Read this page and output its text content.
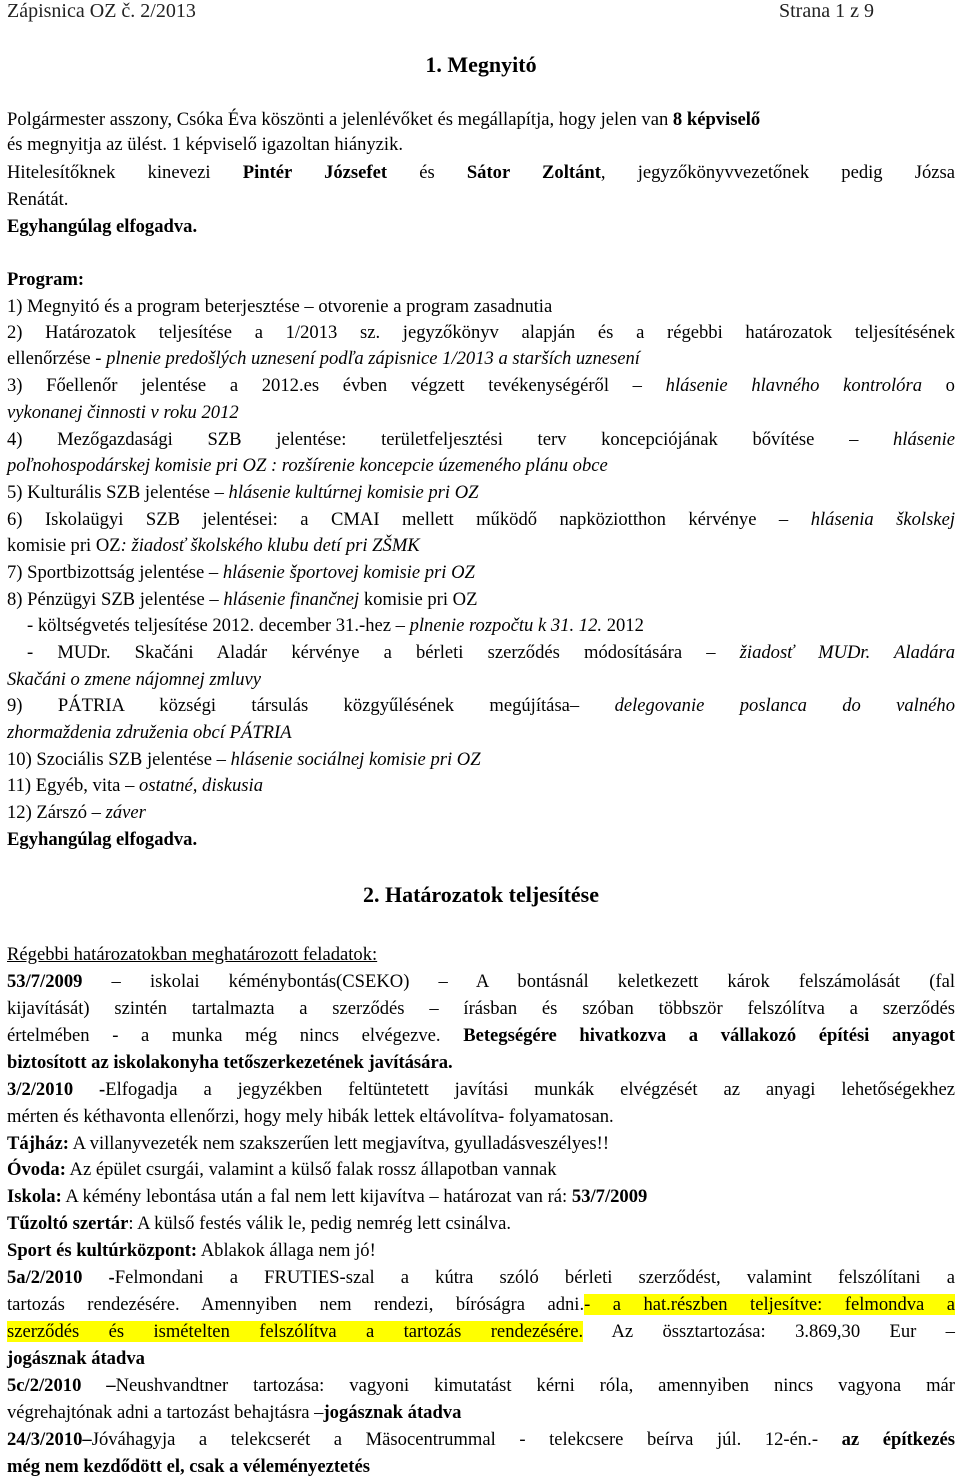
Zápisnica OZ č. 2/2013	Strana 1 z 9
1. Megnyitó
Polgármester asszony, Csóka Éva köszönti a jelenlévőket és megállapítja, hogy jelen van 8 képviselő
és megnyitja az ülést. 1 képviselő igazoltan hiányzik.
Hitelesítőknek kinevezi Pintér Józsefet és Sátor Zoltánt, jegyzőkönyvvezetőnek pedig Józsa
Renátát.
Egyhangúlag elfogadva.
Program:
1) Megnyitó és a program beterjesztése – otvorenie a program zasadnutia
2) Határozatok teljesítése a 1/2013 sz. jegyzőkönyv alapján és a régebbi határozatok teljesítésének
ellenőrzése - plnenie predošlých uznesení podľa zápisnice 1/2013 a starších uznesení
3) Főellenőr jelentése a 2012.es évben végzett tevékenységéről – hlásenie hlavného kontrolóra o
vykonanej činnosti v roku 2012
4) Mezőgazdasági SZB jelentése: területfeljesztési terv koncepciójának bővítése – hlásenie
poľnohospodárskej komisie pri OZ : rozšírenie koncepcie územeného plánu obce
5) Kulturális SZB jelentése – hlásenie kultúrnej komisie pri OZ
6) Iskolaügyi SZB jelentései: a CMAI mellett működő napköziotthon kérvénye – hlásenia školskej
komisie pri OZ: žiadosť školského klubu detí pri ZŠMK
7) Sportbizottság jelentése – hlásenie športovej komisie pri OZ
8) Pénzügyi SZB jelentése – hlásenie finančnej komisie pri OZ
- költségvetés teljesítése 2012. december 31.-hez – plnenie rozpočtu k 31. 12. 2012
- MUDr. Skačáni Aladár kérvénye a bérleti szerződés módosítására – žiadosť MUDr. Aladára
Skačáni o zmene nájomnej zmluvy
9) PÁTRIA községi társulás közgyűlésének megújítása– delegovanie poslanca do valného
zhormaždenia združenia obcí PÁTRIA
10) Szociális SZB jelentése – hlásenie sociálnej komisie pri OZ
11) Egyéb, vita – ostatné, diskusia
12) Zárszó – záver
Egyhangúlag elfogadva.
2. Határozatok teljesítése
Régebbi határozatokban meghatározott feladatok:
53/7/2009 – iskolai kéménybontás(CSEKO) – A bontásnál keletkezett károk felszámolását (fal
kijavítását) szintén tartalmazta a szerződés – írásban és szóban többször felszólítva a szerződés
értelmében - a munka még nincs elvégezve. Betegségére hivatkozva a vállakozó építési anyagot
biztosított az iskolakonyha tetőszerkezetének javítására.
3/2/2010 -Elfogadja a jegyzékben feltüntetett javítási munkák elvégzését az anyagi lehetőségekhez
mérten és kéthavonta ellenőrzi, hogy mely hibák lettek eltávolítva- folyamatosan.
Tájház: A villanyvezeték nem szakszerűen lett megjavítva, gyulladásveszélyes!!
Óvoda: Az épület csurgái, valamint a külső falak rossz állapotban vannak
Iskola: A kémény lebontása után a fal nem lett kijavítva – határozat van rá: 53/7/2009
Tűzoltó szertár: A külső festés válik le, pedig nemrég lett csinálva.
Sport és kultúrközpont: Ablakok állaga nem jó!
5a/2/2010 -Felmondani a FRUTIES-szal a kútra szóló bérleti szerződést, valamint felszólítani a
tartozás rendezésére. Amennyiben nem rendezi, bíróságra adni.- a hat.részben teljesítve: felmondva a
szerződés és ismételten felszólítva a tartozás rendezésére. Az össztartozása: 3.869,30 Eur –
jogásznak átadva
5c/2/2010 –Neushvandtner tartozása: vagyoni kimutatást kérni róla, amennyiben nincs vagyona már
végrehajtónak adni a tartozást behajtásra –jogásznak átadva
24/3/2010–Jóváhagyja a telekcserét a Mäsocentrummal - telekcsere beírva júl. 12-én.- az építkezés
még nem kezdődött el, csak a véleményeztetés
